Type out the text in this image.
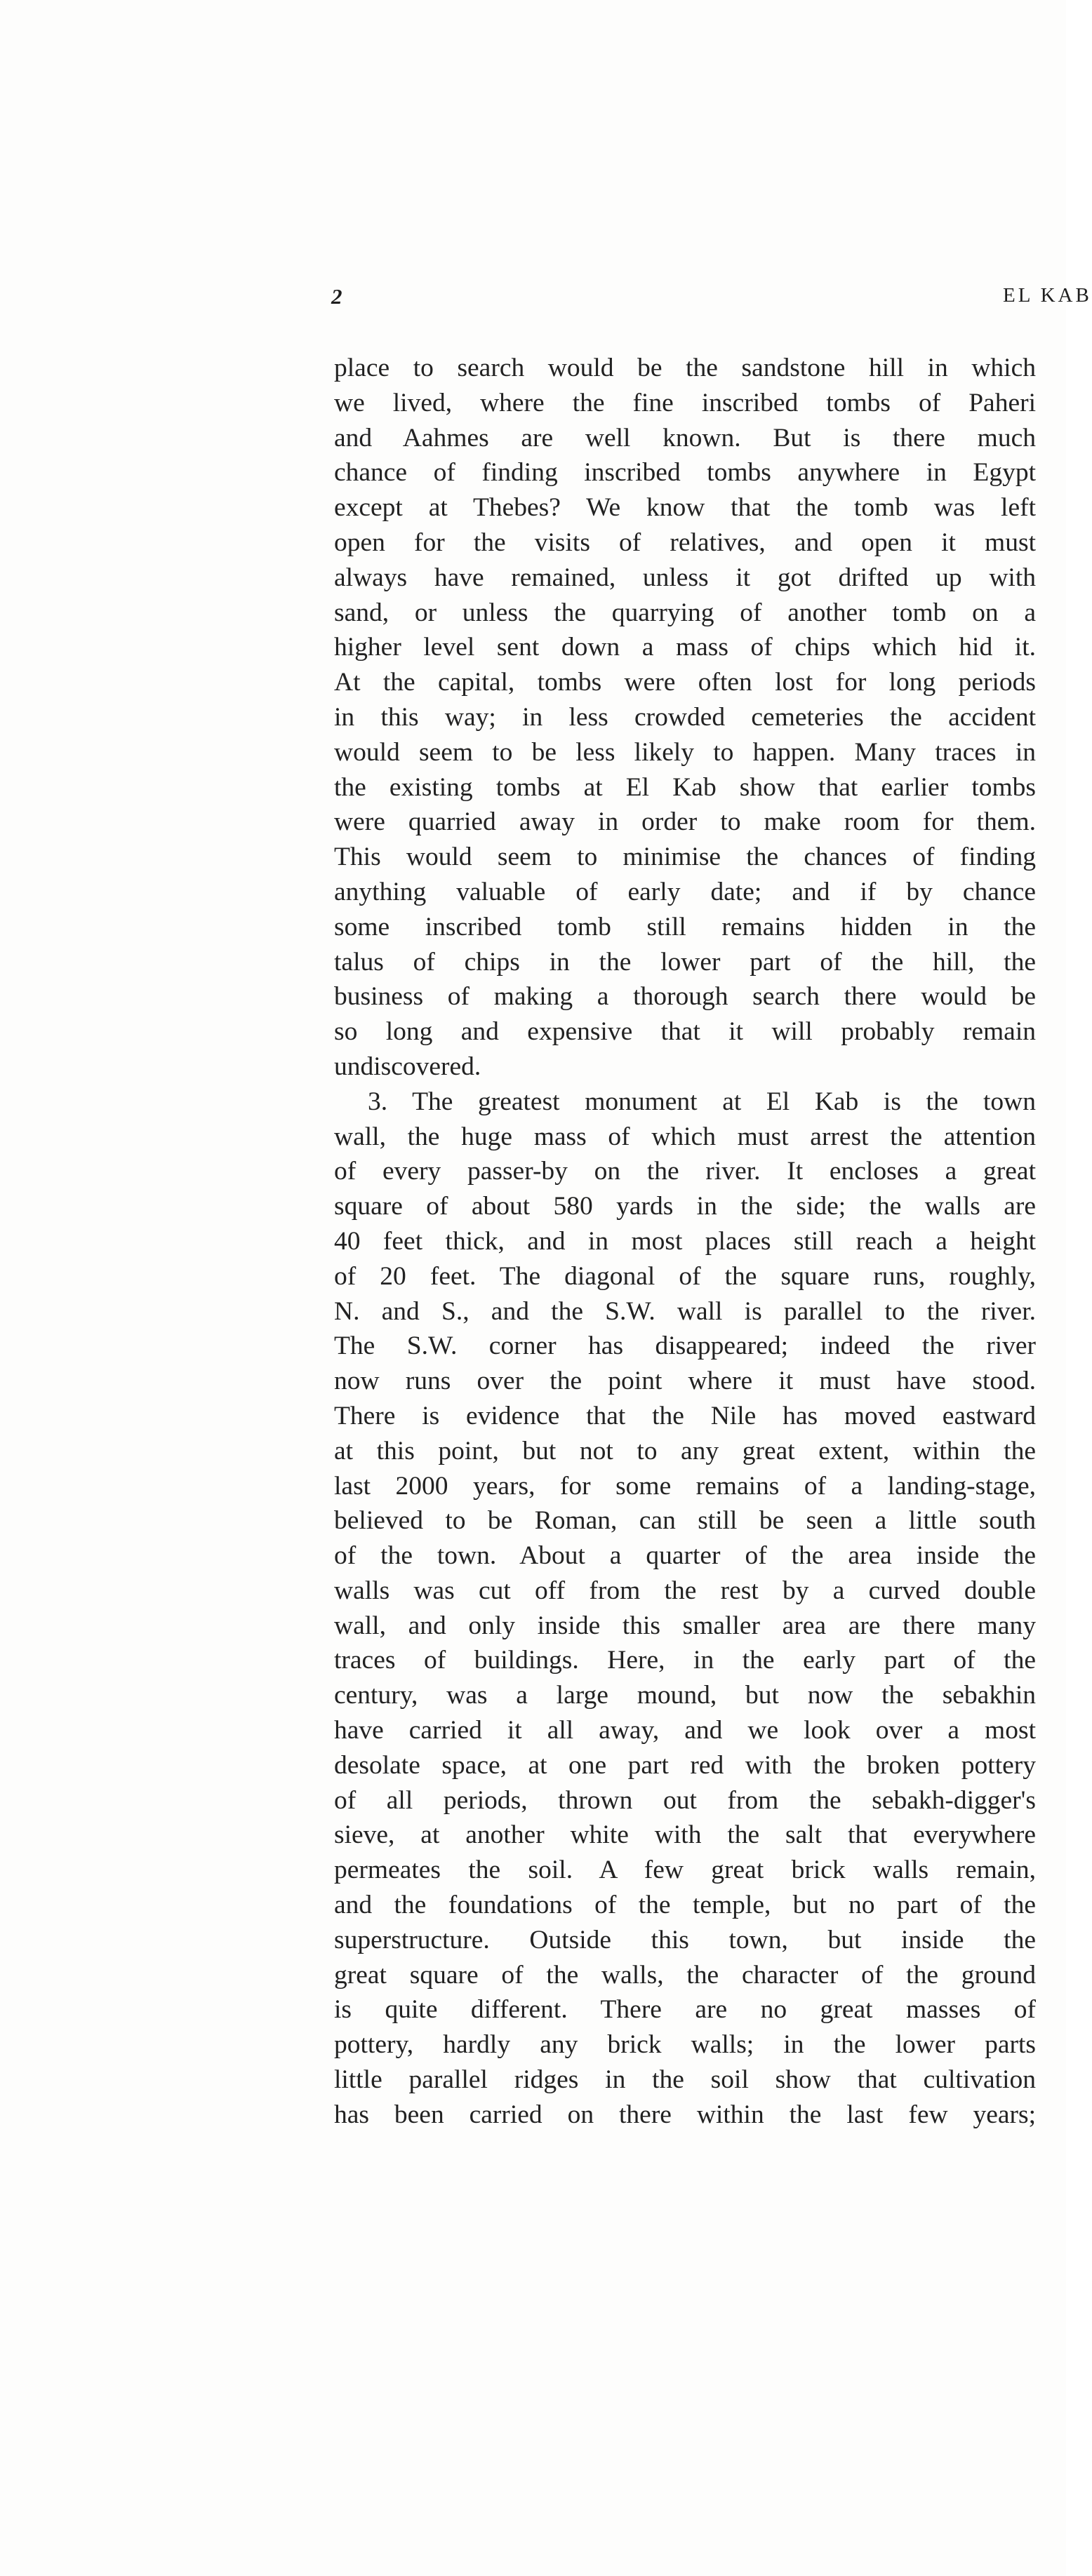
2	EL KAB
place to search would be the sandstone hill in which
we lived, where the fine inscribed tombs of Paheri
and Aahmes are well known. But is there much
chance of finding inscribed tombs anywhere in Egypt
except at Thebes? We know that the tomb was left
open for the visits of relatives, and open it must
always have remained, unless it got drifted up with
sand, or unless the quarrying of another tomb on a
higher level sent down a mass of chips which hid it.
At the capital, tombs were often lost for long periods
in this way; in less crowded cemeteries the accident
would seem to be less likely to happen. Many traces in
the existing tombs at El Kab show that earlier tombs
were quarried away in order to make room for them.
This would seem to minimise the chances of finding
anything valuable of early date; and if by chance
some inscribed tomb still remains hidden in the
talus of chips in the lower part of the hill, the
business of making a thorough search there would be
so long and expensive that it will probably remain
undiscovered.
3. The greatest monument at El Kab is the town
wall, the huge mass of which must arrest the attention
of every passer-by on the river. It encloses a great
square of about 580 yards in the side; the walls are
40 feet thick, and in most places still reach a height
of 20 feet. The diagonal of the square runs, roughly,
N. and S., and the S.W. wall is parallel to the river.
The S.W. corner has disappeared; indeed the river
now runs over the point where it must have stood.
There is evidence that the Nile has moved eastward
at this point, but not to any great extent, within the
last 2000 years, for some remains of a landing-stage,
believed to be Roman, can still be seen a little south
of the town. About a quarter of the area inside the
walls was cut off from the rest by a curved double
wall, and only inside this smaller area are there many
traces of buildings. Here, in the early part of the
century, was a large mound, but now the sebakhin
have carried it all away, and we look over a most
desolate space, at one part red with the broken pottery
of all periods, thrown out from the sebakh-digger's
sieve, at another white with the salt that everywhere
permeates the soil. A few great brick walls remain,
and the foundations of the temple, but no part of the
superstructure. Outside this town, but inside the
great square of the walls, the character of the ground
is quite different. There are no great masses of
pottery, hardly any brick walls; in the lower parts
little parallel ridges in the soil show that cultivation
has been carried on there within the last few years;
